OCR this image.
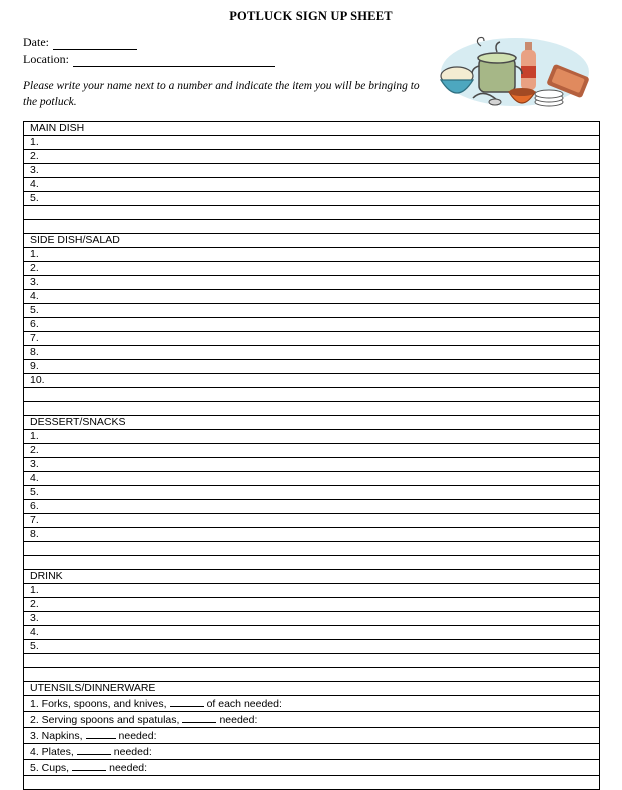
POTLUCK SIGN UP SHEET
Date:
Location:
Please write your name next to a number and indicate the item you will be bringing to the potluck.
MAIN DISH
1.
2.
3.
4.
5.

SIDE DISH/SALAD
1.
2.
3.
4.
5.
6.
7.
8.
9.
10.

DESSERT/SNACKS
1.
2.
3.
4.
5.
6.
7.
8.

DRINK
1.
2.
3.
4.
5.

UTENSILS/DINNERWARE
1. Forks, spoons, and knives,	of each needed:
2. Serving spoons and spatulas,	needed:
3. Napkins,	needed:
4. Plates,	needed:
5. Cups,	needed:
